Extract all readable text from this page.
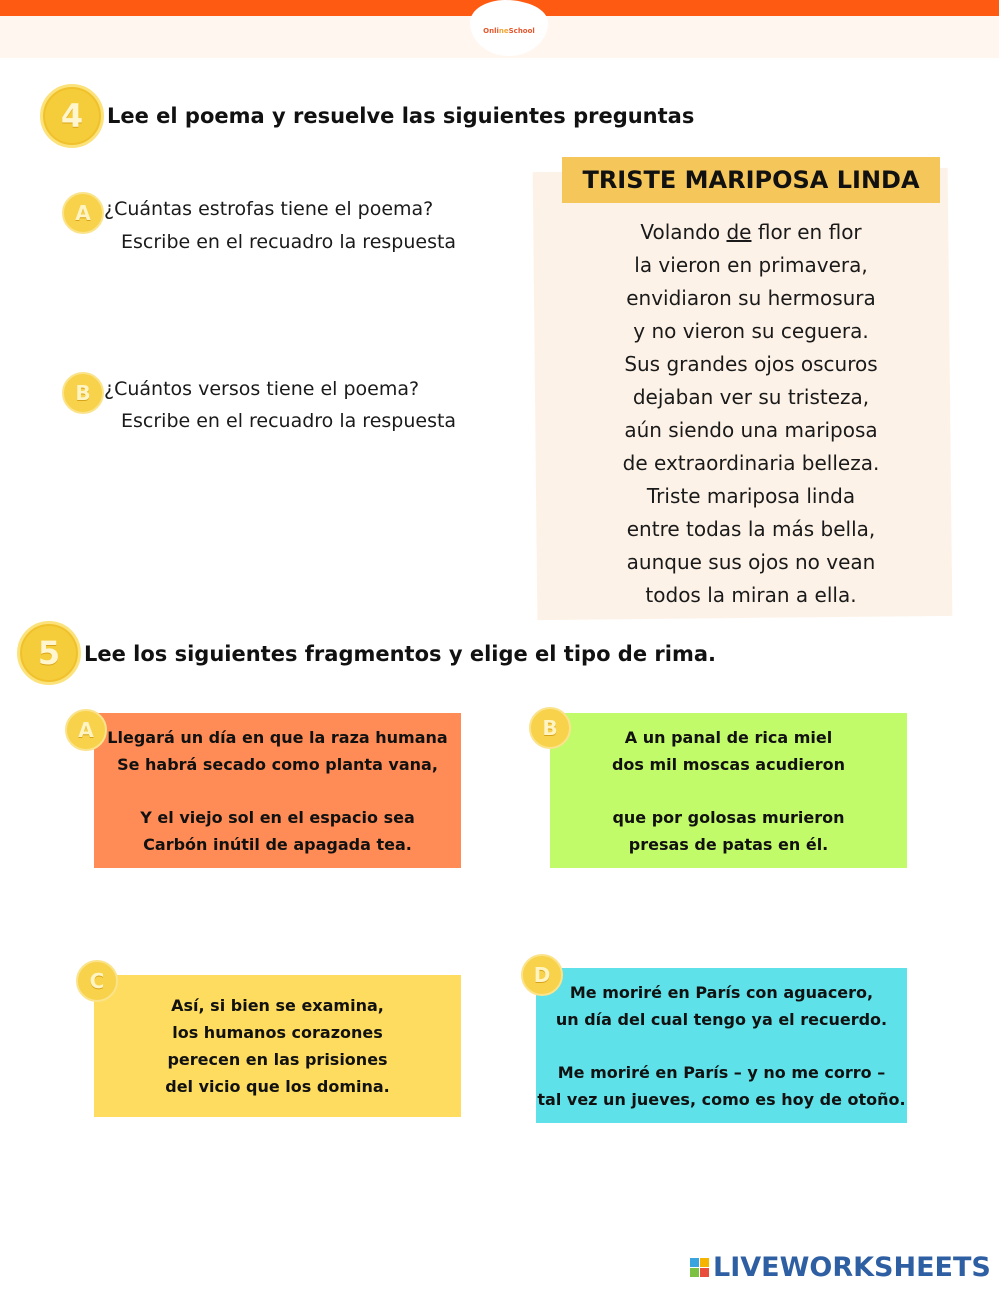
OnlineSchool
4	Lee el poema y resuelve las siguientes preguntas
A ¿Cuántas estrofas tiene el poema?
Escribe en el recuadro la respuesta
B ¿Cuántos versos tiene el poema?
Escribe en el recuadro la respuesta
TRISTE MARIPOSA LINDA
Volando de flor en flor
la vieron en primavera,
envidiaron su hermosura
y no vieron su ceguera.
Sus grandes ojos oscuros
dejaban ver su tristeza,
aún siendo una mariposa
de extraordinaria belleza.
Triste mariposa linda
entre todas la más bella,
aunque sus ojos no vean
todos la miran a ella.
5	Lee los siguientes fragmentos y elige el tipo de rima.
Llegará un día en que la raza humana
Se habrá secado como planta vana,
Y el viejo sol en el espacio sea
Carbón inútil de apagada tea.
A	A un panal de rica miel
dos mil moscas acudieron
que por golosas murieron
presas de patas en él.
B
Así, si bien se examina,
los humanos corazones
perecen en las prisiones
del vicio que los domina.
C	Me moriré en París con aguacero,
un día del cual tengo ya el recuerdo.
Me moriré en París – y no me corro –
tal vez un jueves, como es hoy de otoño.
D
LIVEWORKSHEETS
